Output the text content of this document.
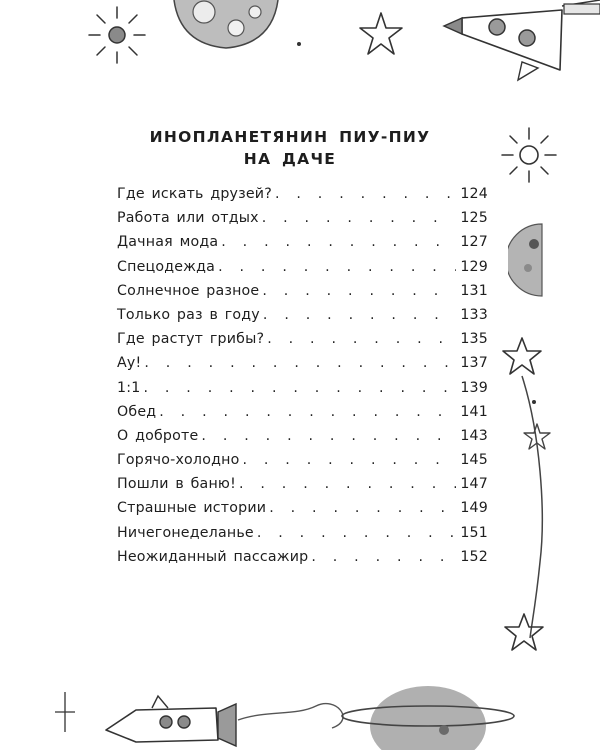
ИНОПЛАНЕТЯНИН ПИУ-ПИУ
НА ДАЧЕ
Где искать друзей? . . .	124
Работа или отдых . . .	125
Дачная мода . . .	127
Спецодежда . . .	129
Солнечное разное . . .	131
Только раз в году . . .	133
Где растут грибы? . . .	135
Ау! . . .	137
1:1 . . .	139
Обед . . .	141
О доброте . . .	143
Горячо-холодно . . .	145
Пошли в баню! . . .	147
Страшные истории . . .	149
Ничегонеделанье . . .	151
Неожиданный пассажир . . .	152
